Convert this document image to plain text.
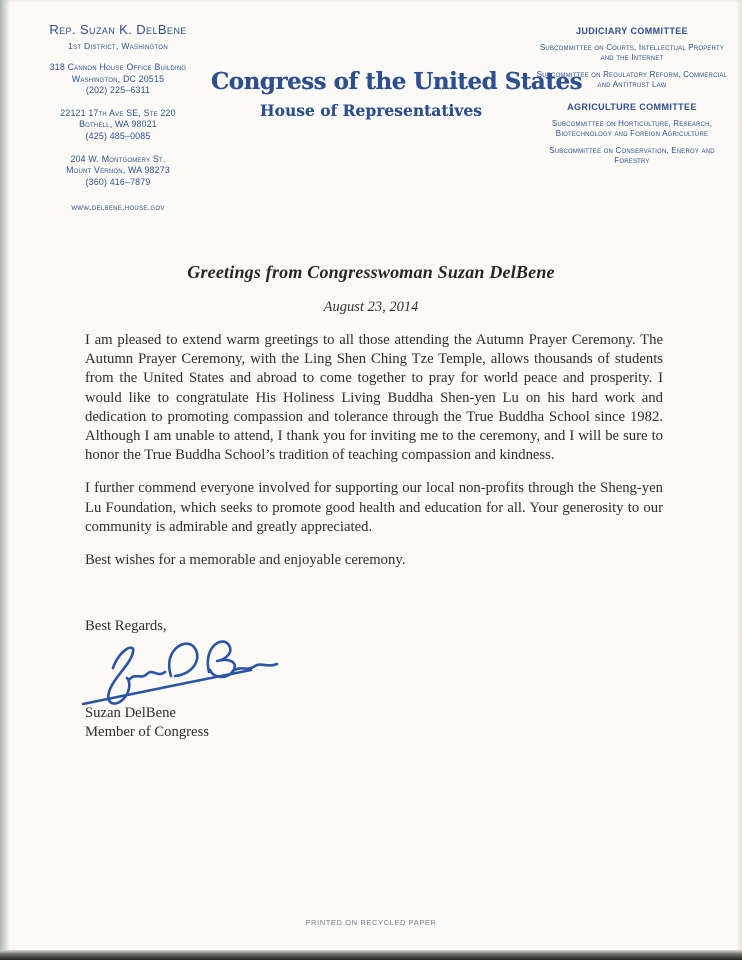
Rep. Suzan K. DelBene
1st District, Washington
318 Cannon House Office Building
Washington, DC 20515
(202) 225–6311
22121 17th Ave SE, Ste 220
Bothell, WA 98021
(425) 485–0085
204 W. Montgomery St.
Mount Vernon, WA 98273
(360) 416–7879
www.delbene.house.gov
Congress of the United States
House of Representatives
JUDICIARY COMMITTEE
Subcommittee on Courts, Intellectual Property and the Internet
Subcommittee on Regulatory Reform, Commercial and Antitrust Law
AGRICULTURE COMMITTEE
Subcommittee on Horticulture, Research, Biotechnology and Foreign Agriculture
Subcommittee on Conservation, Energy and Forestry
Greetings from Congresswoman Suzan DelBene
August 23, 2014

I am pleased to extend warm greetings to all those attending the Autumn Prayer Ceremony. The Autumn Prayer Ceremony, with the Ling Shen Ching Tze Temple, allows thousands of students from the United States and abroad to come together to pray for world peace and prosperity. I would like to congratulate His Holiness Living Buddha Shen-yen Lu on his hard work and dedication to promoting compassion and tolerance through the True Buddha School since 1982. Although I am unable to attend, I thank you for inviting me to the ceremony, and I will be sure to honor the True Buddha School’s tradition of teaching compassion and kindness.

I further commend everyone involved for supporting our local non-profits through the Sheng-yen Lu Foundation, which seeks to promote good health and education for all. Your generosity to our community is admirable and greatly appreciated.

Best wishes for a memorable and enjoyable ceremony.

Best Regards,
Suzan DelBene
Member of Congress
PRINTED ON RECYCLED PAPER
